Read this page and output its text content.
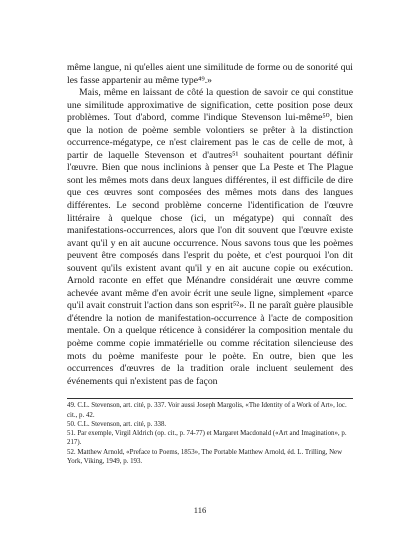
même langue, ni qu'elles aient une similitude de forme ou de sonorité qui les fasse appartenir au même type⁴⁹.»

Mais, même en laissant de côté la question de savoir ce qui constitue une similitude approximative de signification, cette position pose deux problèmes. Tout d'abord, comme l'indique Stevenson lui-même⁵⁰, bien que la notion de poème semble volontiers se prêter à la distinction occurrence-mégatype, ce n'est clairement pas le cas de celle de mot, à partir de laquelle Stevenson et d'autres⁵¹ souhaitent pourtant définir l'œuvre. Bien que nous inclinions à penser que La Peste et The Plague sont les mêmes mots dans deux langues différentes, il est difficile de dire que ces œuvres sont composées des mêmes mots dans des langues différentes. Le second problème concerne l'identification de l'œuvre littéraire à quelque chose (ici, un mégatype) qui connaît des manifestations-occurrences, alors que l'on dit souvent que l'œuvre existe avant qu'il y en ait aucune occurrence. Nous savons tous que les poèmes peuvent être composés dans l'esprit du poète, et c'est pourquoi l'on dit souvent qu'ils existent avant qu'il y en ait aucune copie ou exécution. Arnold raconte en effet que Ménandre considérait une œuvre comme achevée avant même d'en avoir écrit une seule ligne, simplement «parce qu'il avait construit l'action dans son esprit⁵²». Il ne paraît guère plausible d'étendre la notion de manifestation-occurrence à l'acte de composition mentale. On a quelque réticence à considérer la composition mentale du poème comme copie immatérielle ou comme récitation silencieuse des mots du poème manifeste pour le poète. En outre, bien que les occurrences d'œuvres de la tradition orale incluent seulement des événements qui n'existent pas de façon

49. C.L. Stevenson, art. cité, p. 337. Voir aussi Joseph Margolis, «The Identity of a Work of Art», loc. cit., p. 42.

50. C.L. Stevenson, art. cité, p. 338.

51. Par exemple, Virgil Aldrich (op. cit., p. 74-77) et Margaret Macdonald («Art and Imagination», p. 217).

52. Matthew Arnold, «Preface to Poems, 1853», The Portable Matthew Arnold, éd. L. Trilling, New York, Viking, 1949, p. 193.

116
